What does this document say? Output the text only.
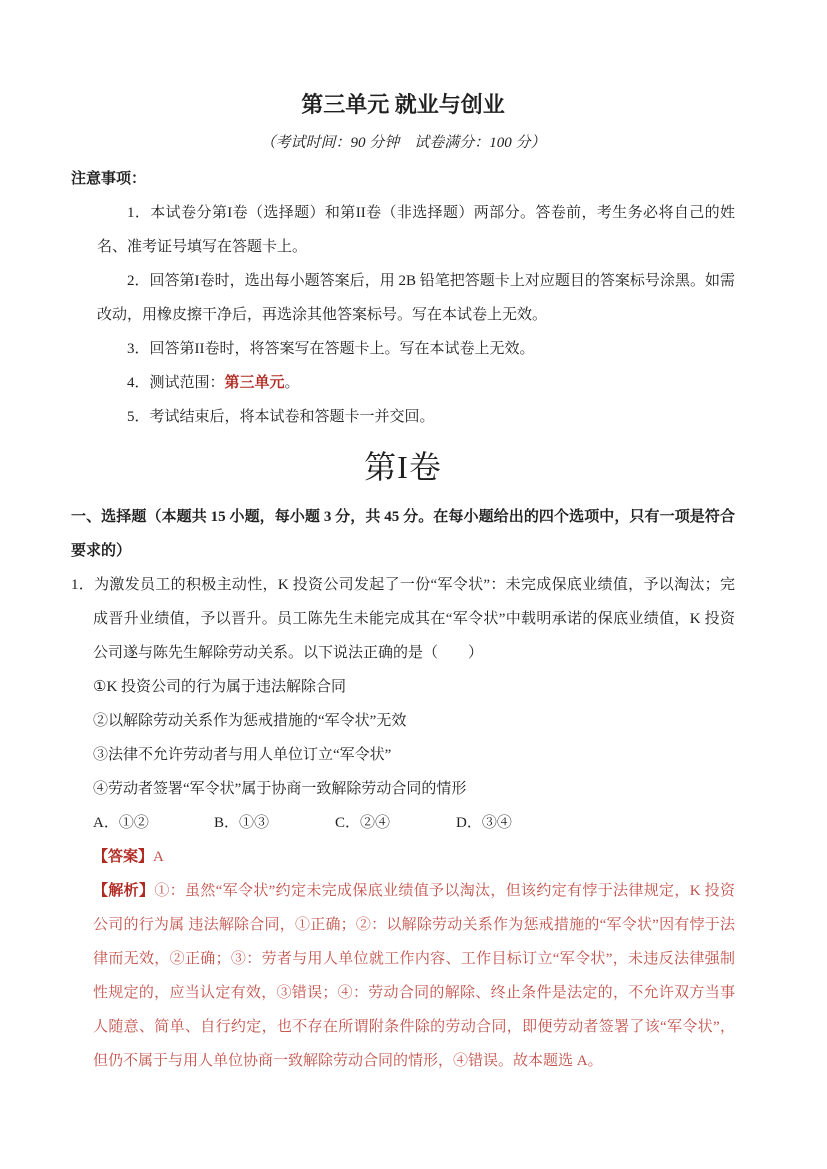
第三单元 就业与创业

（考试时间：90 分钟　试卷满分：100 分）

注意事项：

1．本试卷分第I卷（选择题）和第II卷（非选择题）两部分。答卷前，考生务必将自己的姓名、准考证号填写在答题卡上。

2．回答第I卷时，选出每小题答案后，用 2B 铅笔把答题卡上对应题目的答案标号涂黑。如需改动，用橡皮擦干净后，再选涂其他答案标号。写在本试卷上无效。

3．回答第II卷时，将答案写在答题卡上。写在本试卷上无效。

4．测试范围：第三单元。

5．考试结束后，将本试卷和答题卡一并交回。

第I卷

一、选择题（本题共 15 小题，每小题 3 分，共 45 分。在每小题给出的四个选项中，只有一项是符合要求的）

1．为激发员工的积极主动性，K 投资公司发起了一份“军令状”：未完成保底业绩值，予以淘汰；完成晋升业绩值，予以晋升。员工陈先生未能完成其在“军令状”中载明承诺的保底业绩值，K 投资公司遂与陈先生解除劳动关系。以下说法正确的是（　　）

①K 投资公司的行为属于违法解除合同

②以解除劳动关系作为惩戒措施的“军令状”无效

③法律不允许劳动者与用人单位订立“军令状”

④劳动者签署“军令状”属于协商一致解除劳动合同的情形

A．①②	B．①③	C．②④	D．③④

【答案】A

【解析】①：虽然“军令状”约定未完成保底业绩值予以淘汰，但该约定有悖于法律规定，K 投资公司的行为属 违法解除合同，①正确；②：以解除劳动关系作为惩戒措施的“军令状”因有悖于法律而无效，②正确；③：劳者与用人单位就工作内容、工作目标订立“军令状”，未违反法律强制性规定的，应当认定有效，③错误；④：劳动合同的解除、终止条件是法定的，不允许双方当事人随意、简单、自行约定，也不存在所谓附条件除的劳动合同，即便劳动者签署了该“军令状”，但仍不属于与用人单位协商一致解除劳动合同的情形，④错误。故本题选 A。
